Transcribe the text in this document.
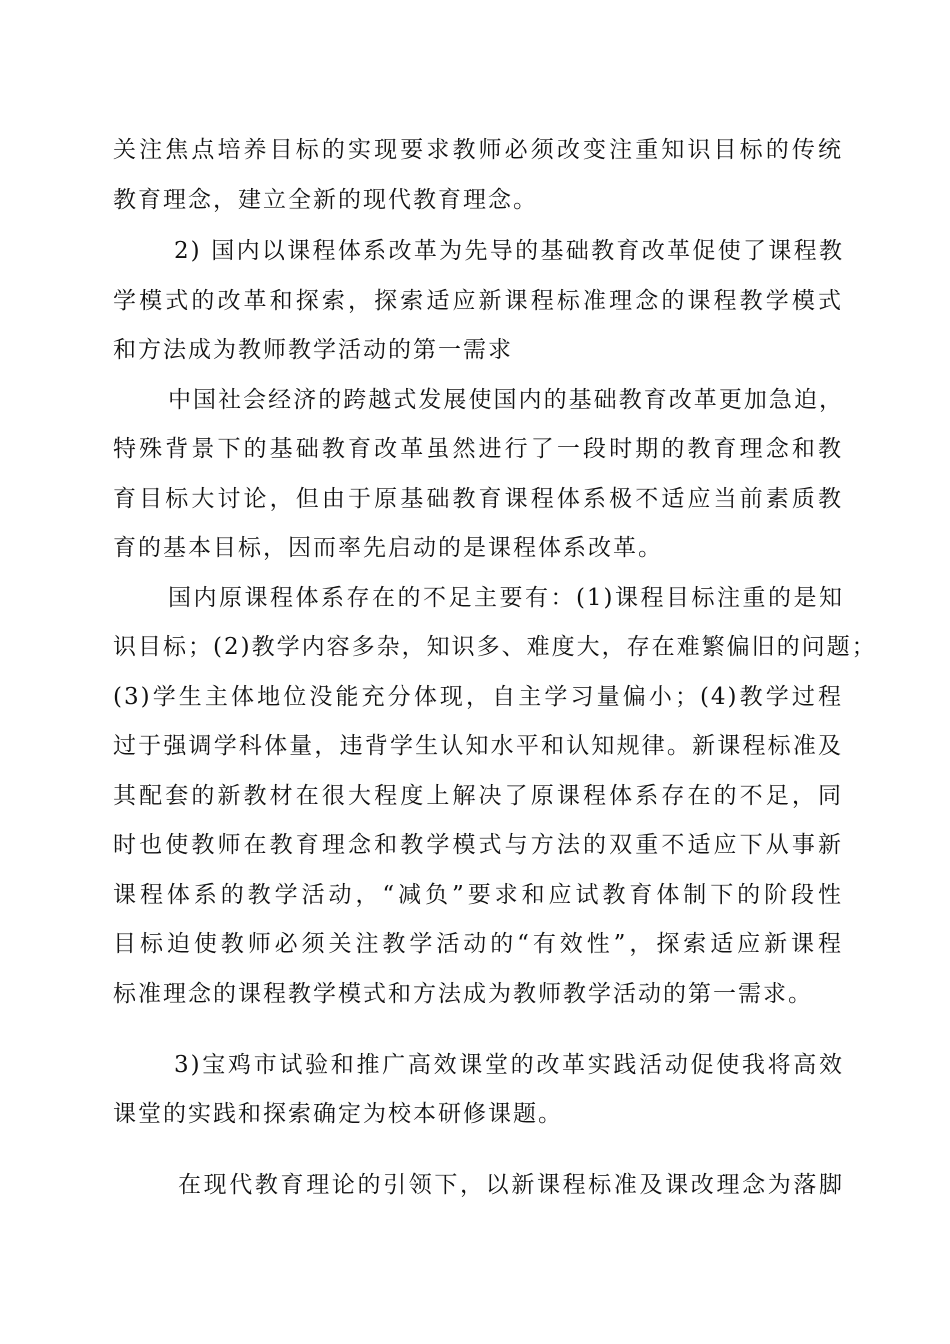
关注焦点培养目标的实现要求教师必须改变注重知识目标的传统
教育理念，建立全新的现代教育理念。
2) 国内以课程体系改革为先导的基础教育改革促使了课程教
学模式的改革和探索，探索适应新课程标准理念的课程教学模式
和方法成为教师教学活动的第一需求
中国社会经济的跨越式发展使国内的基础教育改革更加急迫，
特殊背景下的基础教育改革虽然进行了一段时期的教育理念和教
育目标大讨论，但由于原基础教育课程体系极不适应当前素质教
育的基本目标，因而率先启动的是课程体系改革。
国内原课程体系存在的不足主要有：(1)课程目标注重的是知
识目标；(2)教学内容多杂，知识多、难度大，存在难繁偏旧的问题；
(3)学生主体地位没能充分体现，自主学习量偏小；(4)教学过程
过于强调学科体量，违背学生认知水平和认知规律。新课程标准及
其配套的新教材在很大程度上解决了原课程体系存在的不足，同
时也使教师在教育理念和教学模式与方法的双重不适应下从事新
课程体系的教学活动，“减负”要求和应试教育体制下的阶段性
目标迫使教师必须关注教学活动的“有效性”，探索适应新课程
标准理念的课程教学模式和方法成为教师教学活动的第一需求。
3)宝鸡市试验和推广高效课堂的改革实践活动促使我将高效
课堂的实践和探索确定为校本研修课题。
在现代教育理论的引领下，以新课程标准及课改理念为落脚
